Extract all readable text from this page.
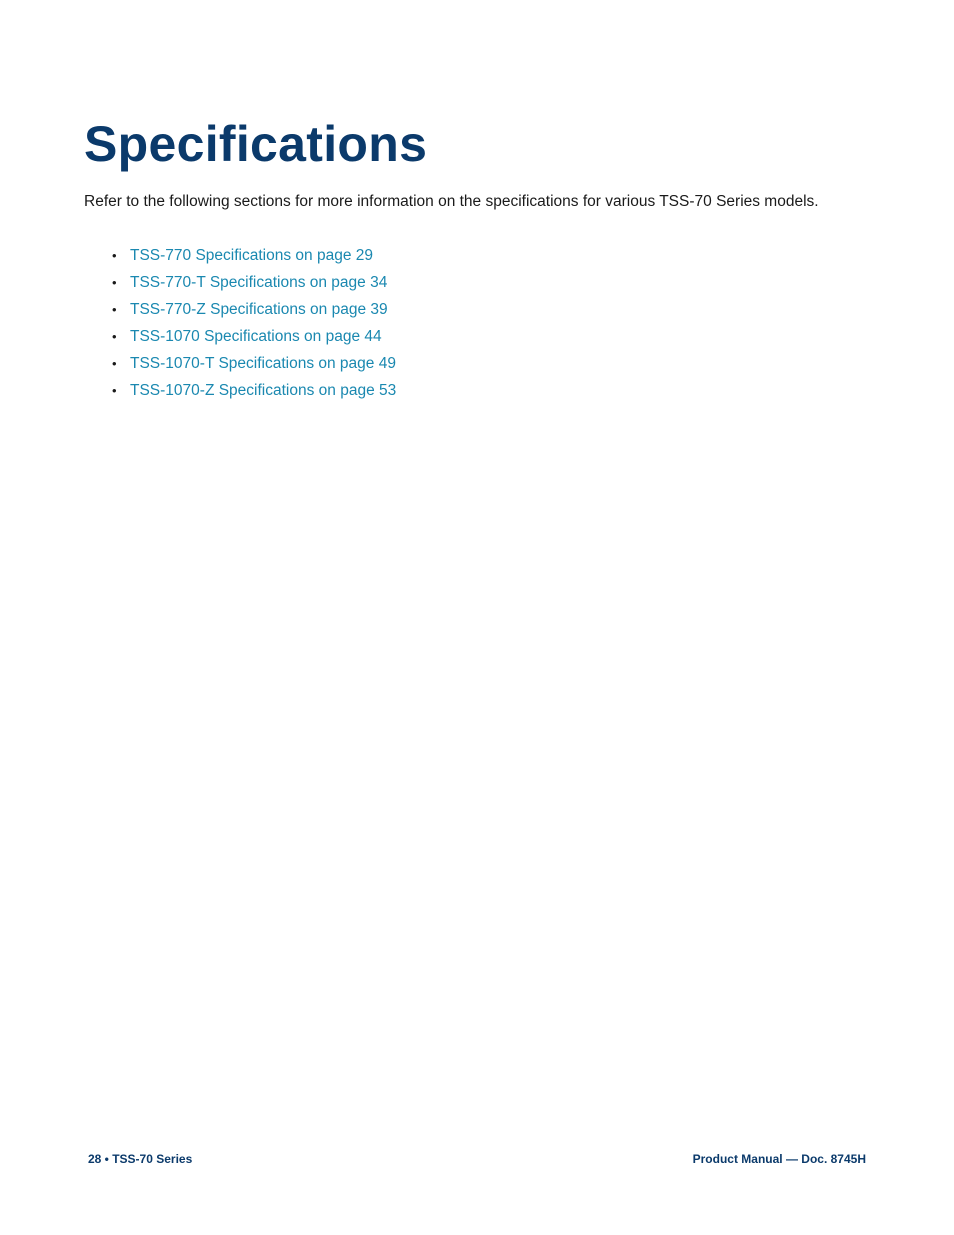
Specifications

Refer to the following sections for more information on the specifications for various TSS-70 Series models.

• TSS-770 Specifications on page 29
• TSS-770-T Specifications on page 34
• TSS-770-Z Specifications on page 39
• TSS-1070 Specifications on page 44
• TSS-1070-T Specifications on page 49
• TSS-1070-Z Specifications on page 53
28 • TSS-70 Series	Product Manual — Doc. 8745H
